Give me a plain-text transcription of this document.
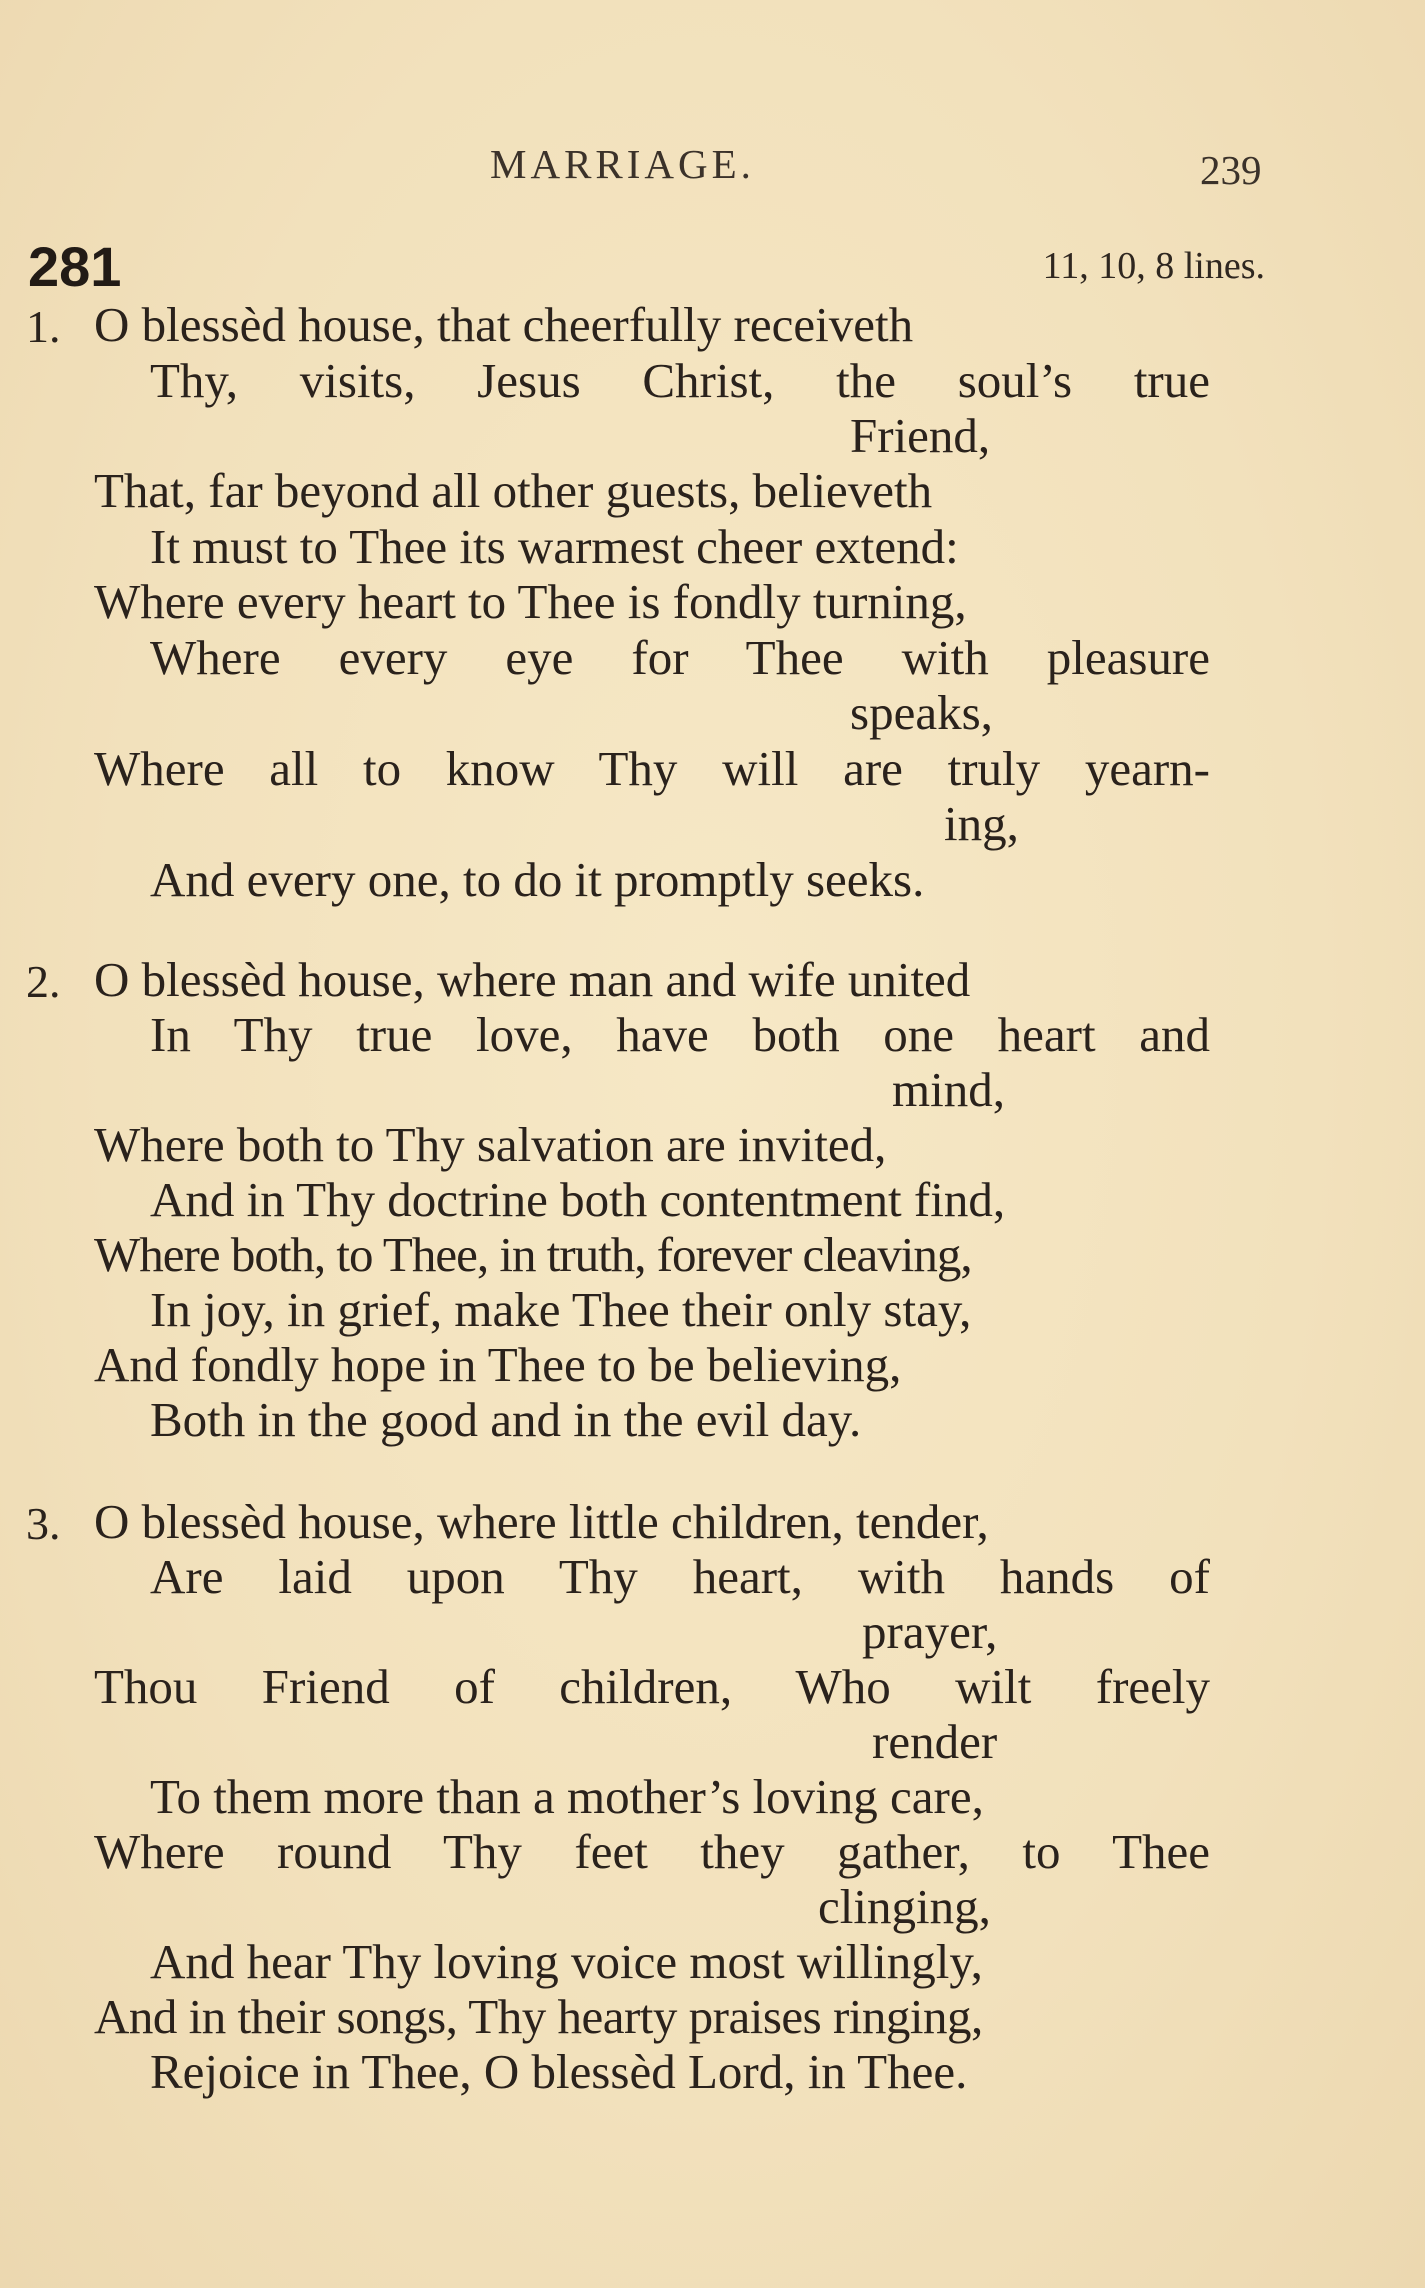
MARRIAGE.	239
281	11, 10, 8 lines.
1. O blessèd house, that cheerfully receiveth
Thy, visits, Jesus Christ, the soul’s true
Friend,
That, far beyond all other guests, believeth
It must to Thee its warmest cheer extend:
Where every heart to Thee is fondly turning,
Where every eye for Thee with pleasure
speaks,
Where all to know Thy will are truly yearn-
ing,
And every one, to do it promptly seeks.
2. O blessèd house, where man and wife united
In Thy true love, have both one heart and
mind,
Where both to Thy salvation are invited,
And in Thy doctrine both contentment find,
Where both, to Thee, in truth, forever cleaving,
In joy, in grief, make Thee their only stay,
And fondly hope in Thee to be believing,
Both in the good and in the evil day.
3. O blessèd house, where little children, tender,
Are laid upon Thy heart, with hands of
prayer,
Thou Friend of children, Who wilt freely
render
To them more than a mother’s loving care,
Where round Thy feet they gather, to Thee
clinging,
And hear Thy loving voice most willingly,
And in their songs, Thy hearty praises ringing,
Rejoice in Thee, O blessèd Lord, in Thee.
